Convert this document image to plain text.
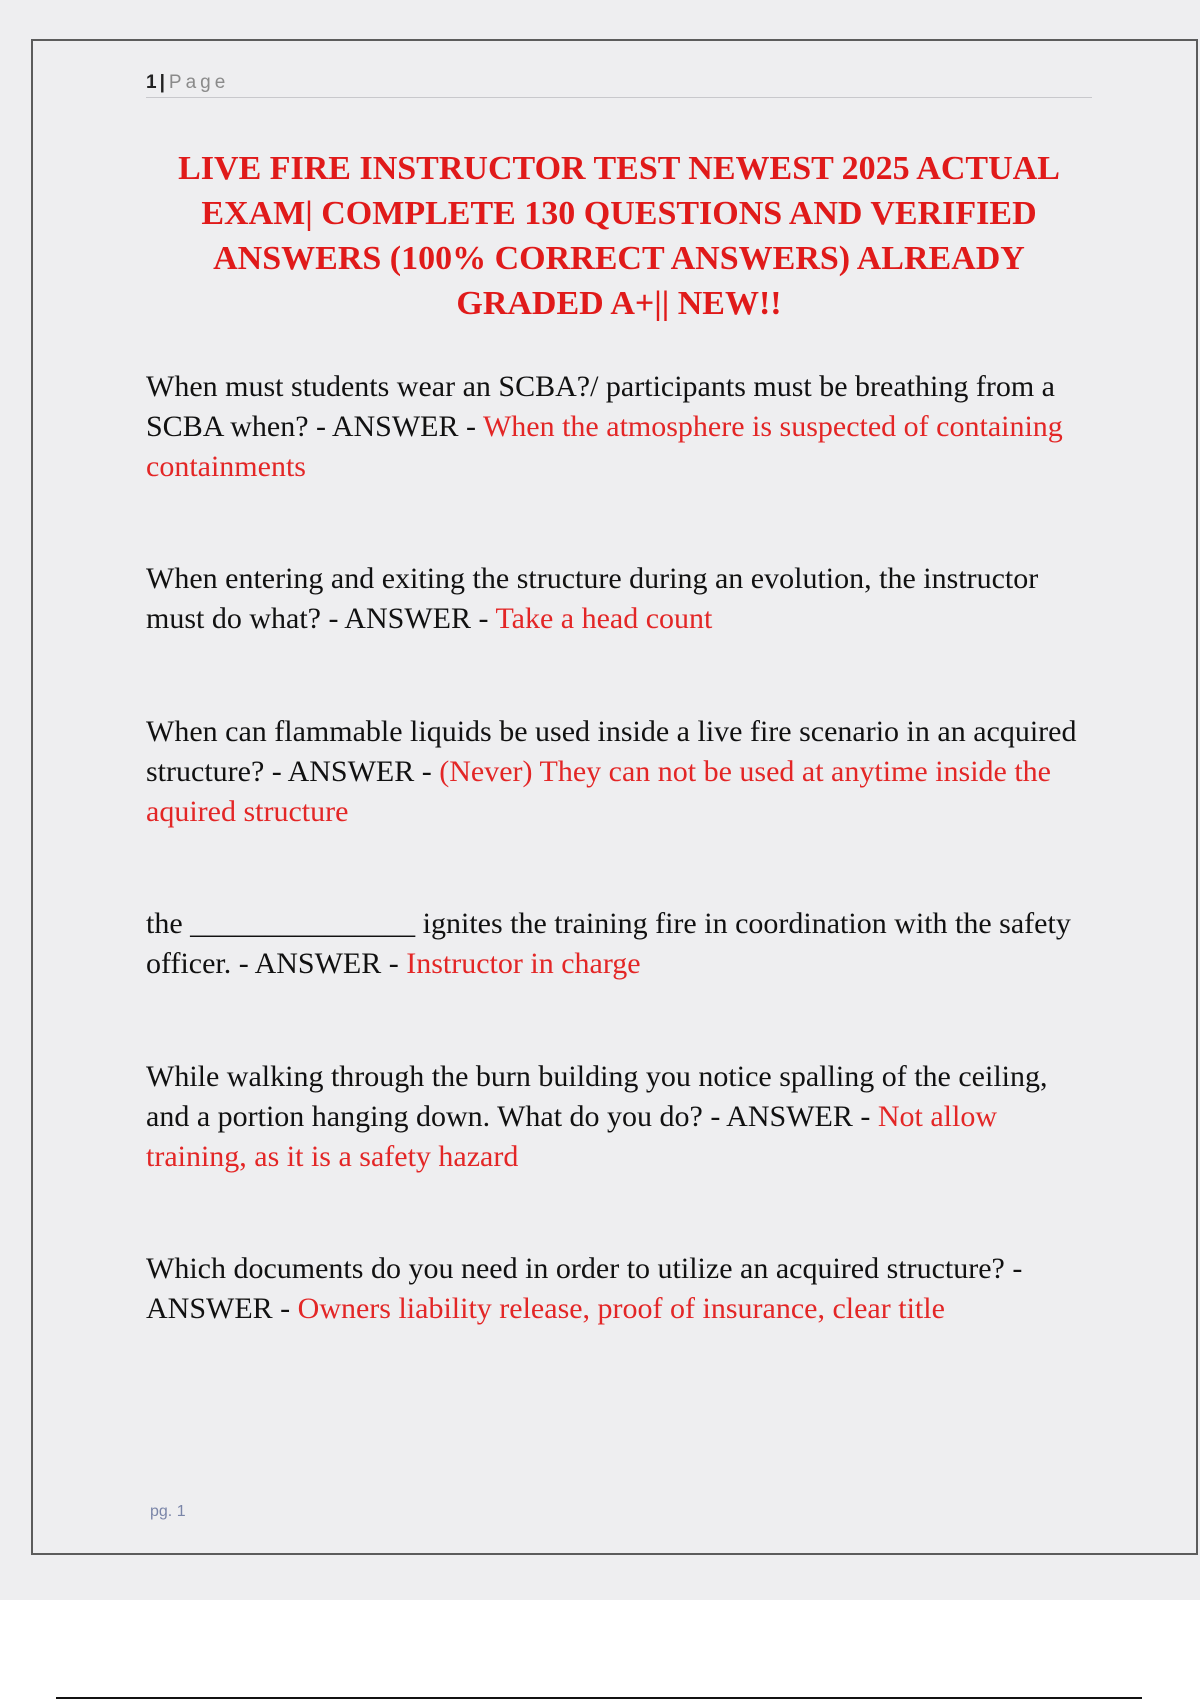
1 | Page
LIVE FIRE INSTRUCTOR TEST NEWEST 2025 ACTUAL EXAM| COMPLETE 130 QUESTIONS AND VERIFIED ANSWERS (100% CORRECT ANSWERS) ALREADY GRADED A+|| NEW!!

When must students wear an SCBA?/ participants must be breathing from a SCBA when? - ANSWER - When the atmosphere is suspected of containing containments

When entering and exiting the structure during an evolution, the instructor must do what? - ANSWER - Take a head count

When can flammable liquids be used inside a live fire scenario in an acquired structure? - ANSWER - (Never) They can not be used at anytime inside the aquired structure

the _______________ ignites the training fire in coordination with the safety officer. - ANSWER - Instructor in charge

While walking through the burn building you notice spalling of the ceiling, and a portion hanging down. What do you do? - ANSWER - Not allow training, as it is a safety hazard

Which documents do you need in order to utilize an acquired structure? - ANSWER - Owners liability release, proof of insurance, clear title

pg. 1
